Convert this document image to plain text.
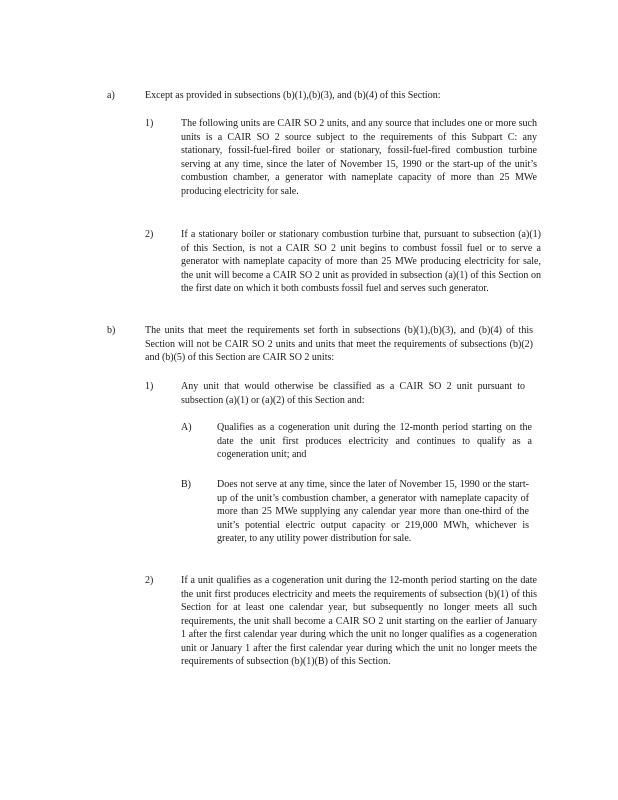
a)	Except as provided in subsections (b)(1),(b)(3), and (b)(4) of this Section:
1)	The following units are CAIR SO 2 units, and any source that includes one or more such units is a CAIR SO 2 source subject to the requirements of this Subpart C: any stationary, fossil-fuel-fired boiler or stationary, fossil-fuel-fired combustion turbine serving at any time, since the later of November 15, 1990 or the start-up of the unit’s combustion chamber, a generator with nameplate capacity of more than 25 MWe producing electricity for sale.
2)	If a stationary boiler or stationary combustion turbine that, pursuant to subsection (a)(1) of this Section, is not a CAIR SO 2 unit begins to combust fossil fuel or to serve a generator with nameplate capacity of more than 25 MWe producing electricity for sale, the unit will become a CAIR SO 2 unit as provided in subsection (a)(1) of this Section on the first date on which it both combusts fossil fuel and serves such generator.
b)	The units that meet the requirements set forth in subsections (b)(1),(b)(3), and (b)(4) of this Section will not be CAIR SO 2 units and units that meet the requirements of subsections (b)(2) and (b)(5) of this Section are CAIR SO 2 units:
1)	Any unit that would otherwise be classified as a CAIR SO 2 unit pursuant to subsection (a)(1) or (a)(2) of this Section and:
A)	Qualifies as a cogeneration unit during the 12-month period starting on the date the unit first produces electricity and continues to qualify as a cogeneration unit; and
B)	Does not serve at any time, since the later of November 15, 1990 or the start-up of the unit’s combustion chamber, a generator with nameplate capacity of more than 25 MWe supplying any calendar year more than one-third of the unit’s potential electric output capacity or 219,000 MWh, whichever is greater, to any utility power distribution for sale.
2)	If a unit qualifies as a cogeneration unit during the 12-month period starting on the date the unit first produces electricity and meets the requirements of subsection (b)(1) of this Section for at least one calendar year, but subsequently no longer meets all such requirements, the unit shall become a CAIR SO 2 unit starting on the earlier of January 1 after the first calendar year during which the unit no longer qualifies as a cogeneration unit or January 1 after the first calendar year during which the unit no longer meets the requirements of subsection (b)(1)(B) of this Section.
